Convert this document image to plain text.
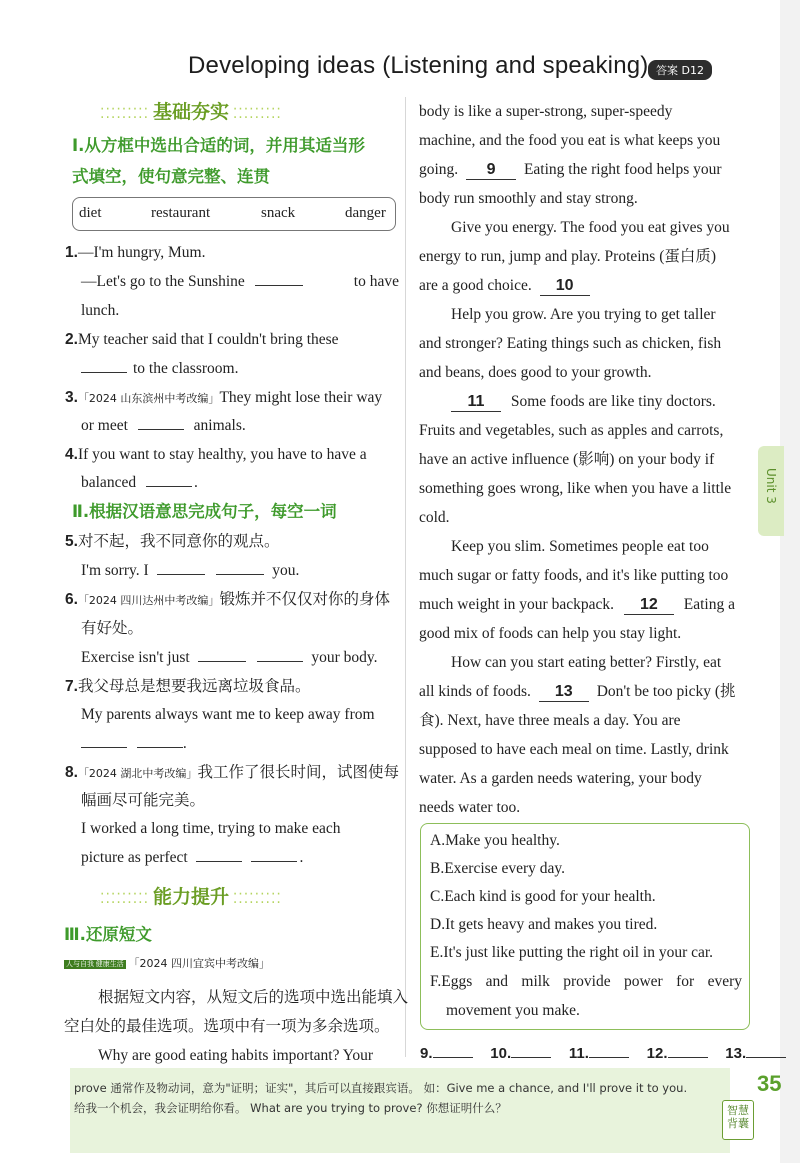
Developing ideas (Listening and speaking) 答案 D12
⁚⁚⁚⁚⁚⁚⁚⁚⁚ 基础夯实 ⁚⁚⁚⁚⁚⁚⁚⁚⁚
Ⅰ.从方框中选出合适的词，并用其适当形
式填空，使句意完整、连贯
diet	restaurant	snack	danger
1.—I'm hungry, Mum.
—Let's go to the Sunshine	to have
lunch.
2.My teacher said that I couldn't bring these
to the classroom.
3.「2024 山东滨州中考改编」They might lose their way
or meet	animals.
4.If you want to stay healthy, you have to have a
balanced	.
Ⅱ.根据汉语意思完成句子，每空一词
5.对不起，我不同意你的观点。
I'm sorry. I	you.
6.「2024 四川达州中考改编」锻炼并不仅仅对你的身体
有好处。
Exercise isn't just	your body.
7.我父母总是想要我远离垃圾食品。
My parents always want me to keep away from
.
8.「2024 湖北中考改编」我工作了很长时间，试图使每
幅画尽可能完美。
I worked a long time, trying to make each
picture as perfect	.
⁚⁚⁚⁚⁚⁚⁚⁚⁚ 能力提升 ⁚⁚⁚⁚⁚⁚⁚⁚⁚
Ⅲ.还原短文
人与自我 健康生活 「2024 四川宜宾中考改编」
根据短文内容，从短文后的选项中选出能填入
空白处的最佳选项。选项中有一项为多余选项。
Why are good eating habits important? Your
body is like a super-strong, super-speedy
machine, and the food you eat is what keeps you
going. 9 Eating the right food helps your
body run smoothly and stay strong.
Give you energy. The food you eat gives you
energy to run, jump and play. Proteins (蛋白质)
are a good choice. 10
Help you grow. Are you trying to get taller
and stronger? Eating things such as chicken, fish
and beans, does good to your growth.
11 Some foods are like tiny doctors.
Fruits and vegetables, such as apples and carrots,
have an active influence (影响) on your body if
something goes wrong, like when you have a little
cold.
Keep you slim. Sometimes people eat too
much sugar or fatty foods, and it's like putting too
much weight in your backpack. 12 Eating a
good mix of foods can help you stay light.
How can you start eating better? Firstly, eat
all kinds of foods. 13 Don't be too picky (挑
食). Next, have three meals a day. You are
supposed to have each meal on time. Lastly, drink
water. As a garden needs watering, your body
needs water too.
A.Make you healthy.
B.Exercise every day.
C.Each kind is good for your health.
D.It gets heavy and makes you tired.
E.It's just like putting the right oil in your car.
F.Eggs and milk provide power for every
movement you make.
9.	10.	11.	12.	13.
Unit 3
prove 通常作及物动词，意为"证明；证实"，其后可以直接跟宾语。 如：Give me a chance, and I'll prove it to you.
给我一个机会，我会证明给你看。 What are you trying to prove? 你想证明什么？
35
智慧背囊
